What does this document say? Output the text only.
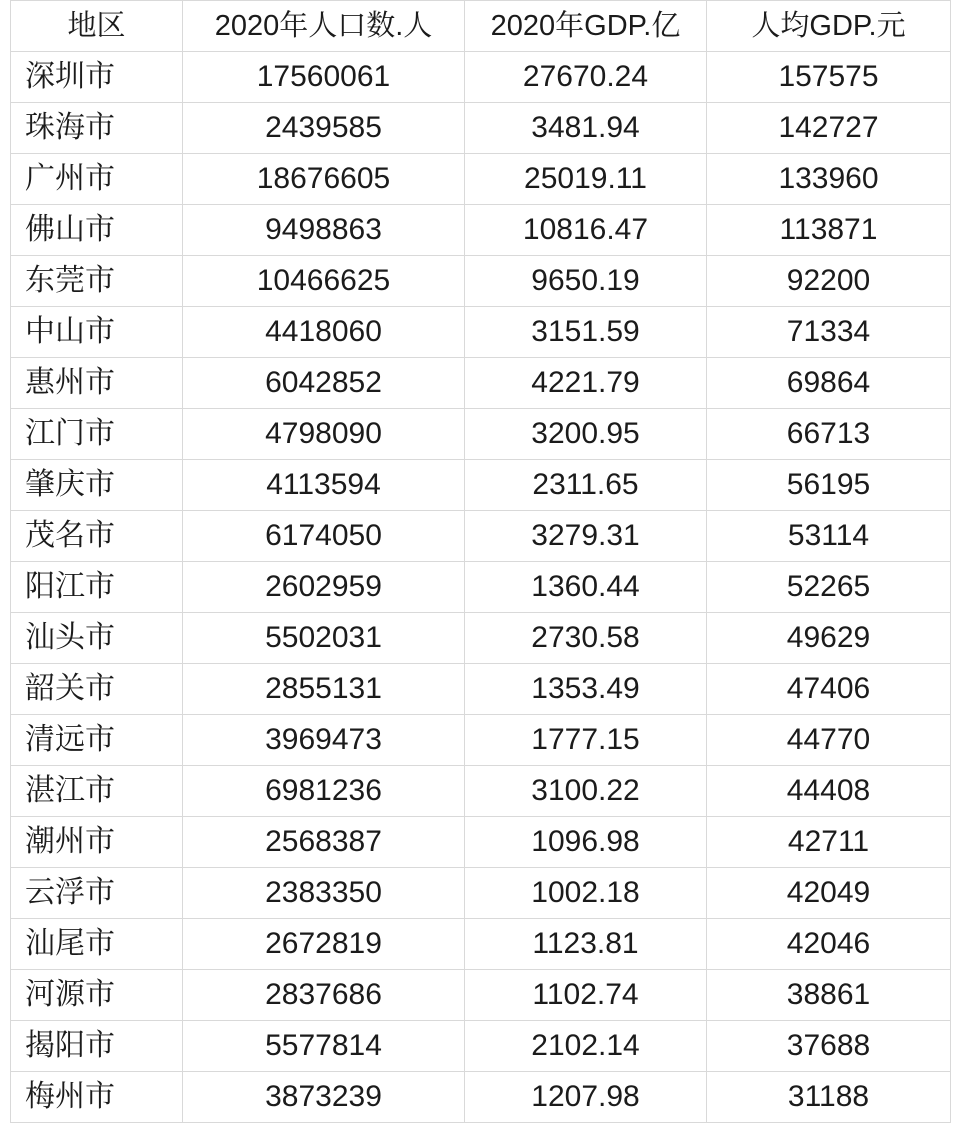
地区	2020年人口数.人	2020年GDP.亿	人均GDP.元
深圳市	17560061	27670.24	157575
珠海市	2439585	3481.94	142727
广州市	18676605	25019.11	133960
佛山市	9498863	10816.47	113871
东莞市	10466625	9650.19	92200
中山市	4418060	3151.59	71334
惠州市	6042852	4221.79	69864
江门市	4798090	3200.95	66713
肇庆市	4113594	2311.65	56195
茂名市	6174050	3279.31	53114
阳江市	2602959	1360.44	52265
汕头市	5502031	2730.58	49629
韶关市	2855131	1353.49	47406
清远市	3969473	1777.15	44770
湛江市	6981236	3100.22	44408
潮州市	2568387	1096.98	42711
云浮市	2383350	1002.18	42049
汕尾市	2672819	1123.81	42046
河源市	2837686	1102.74	38861
揭阳市	5577814	2102.14	37688
梅州市	3873239	1207.98	31188
